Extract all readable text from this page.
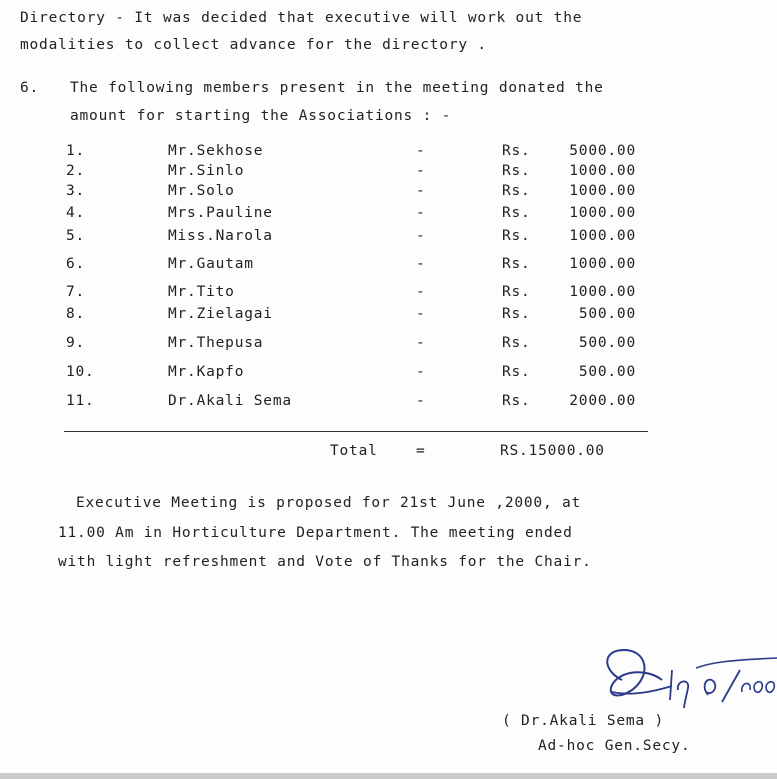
Directory - It was decided that executive will work out the
modalities to collect advance for the directory .
6. The following members present in the meeting donated the
amount for starting the Associations : -
1.	Mr.Sekhose	-	Rs.	5000.00
2.	Mr.Sinlo	-	Rs.	1000.00
3.	Mr.Solo	-	Rs.	1000.00
4.	Mrs.Pauline	-	Rs.	1000.00
5.	Miss.Narola	-	Rs.	1000.00
6.	Mr.Gautam	-	Rs.	1000.00
7.	Mr.Tito	-	Rs.	1000.00
8.	Mr.Zielagai	-	Rs.	500.00
9.	Mr.Thepusa	-	Rs.	500.00
10.	Mr.Kapfo	-	Rs.	500.00
11.	Dr.Akali Sema	-	Rs.	2000.00
Total	=	RS.15000.00
Executive Meeting is proposed for 21st June ,2000, at
11.00 Am in Horticulture Department. The meeting ended
with light refreshment and Vote of Thanks for the Chair.
( Dr.Akali Sema )
Ad-hoc Gen.Secy.
